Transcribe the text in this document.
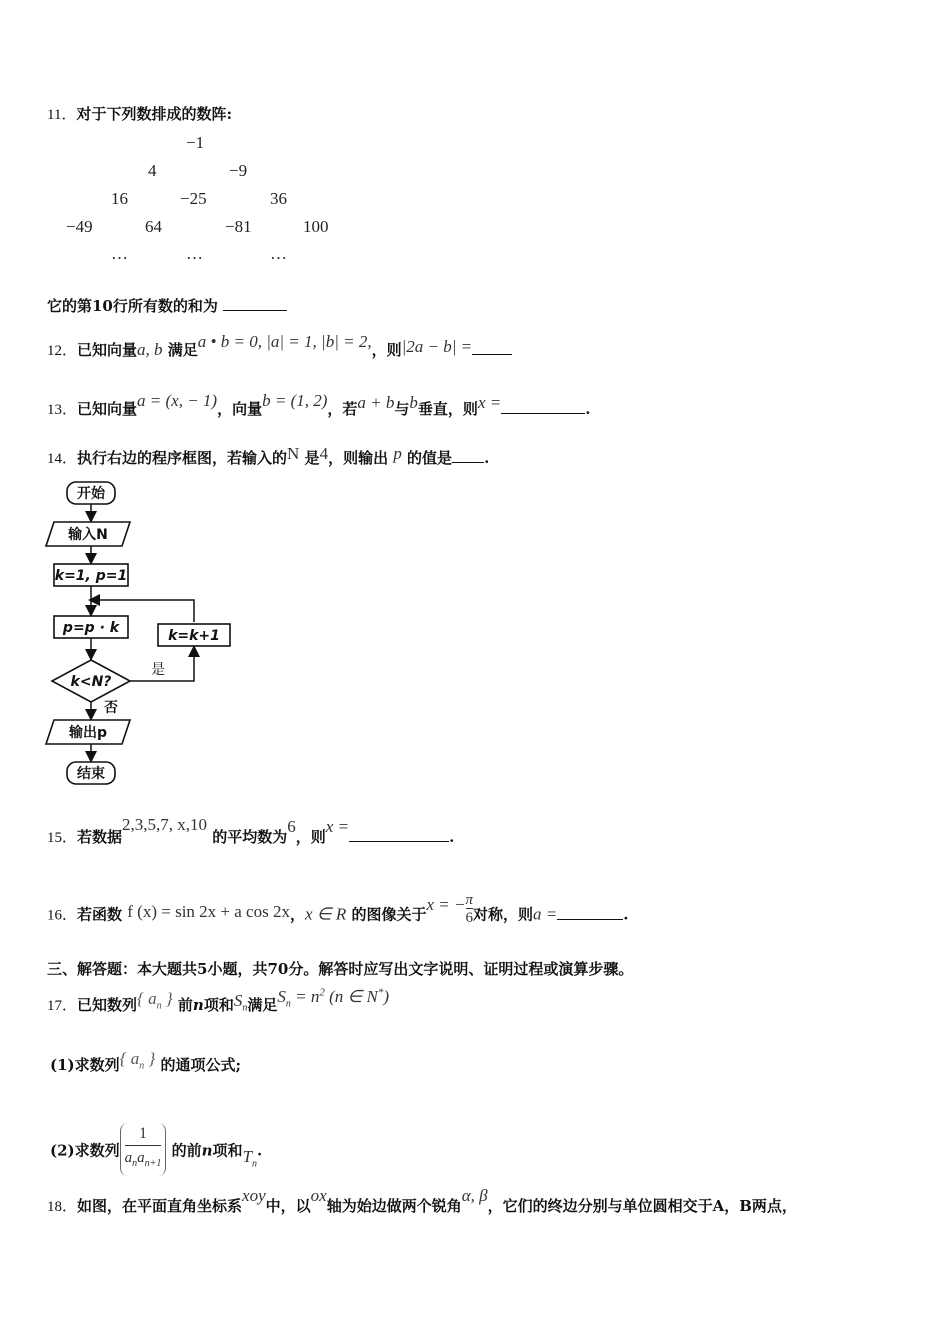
11．对于下列数排成的数阵:
−1
4	−9
16	−25	36
−49	64	−81	100
…	…	…
它的第10行所有数的和为
12．已知向量a, b 满足a • b = 0, |a| = 1, |b| = 2,，则|2a − b| =
13．已知向量a = (x, − 1)，向量b = (1, 2)，若a + b与b垂直，则x =	.
14．执行右边的程序框图，若输入的N 是4，则输出 p 的值是 .
开始
输入N
k=1, p=1
p=p · k	k=k+1
k<N?
是
否
输出p
结束
15．若数据2,3,5,7, x,10 的平均数为6，则x =.
16．若函数 f (x) = sin 2x + a cos 2x，x ∈ R 的图像关于x = − $\frac{\pi}{6}$ 对称，则a =	.
三、解答题：本大题共5小题，共70分。解答时应写出文字说明、证明过程或演算步骤。
17．已知数列{ $a_n$ } 前n项和$S_n$满足$S_n = n^2$ (n ∈ N*)
(1)求数列{ $a_n$ } 的通项公式;
(2)求数列
1
$a_na_{n+1}$
的前n项和$T_n$.
18．如图，在平面直角坐标系xoy中，以ox轴为始边做两个锐角α, β，它们的终边分别与单位圆相交于A，B两点，
